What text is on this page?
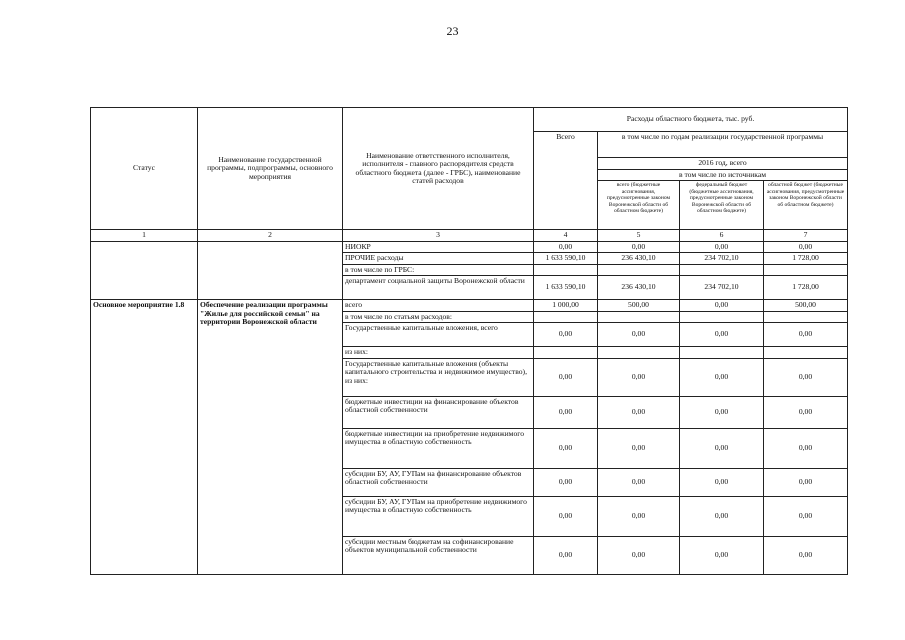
23
Статус	Наименование государственной программы, подпрограммы, основного мероприятия	Наименование ответственного исполнителя, исполнителя - главного распорядителя средств областного бюджета (далее - ГРБС), наименование статей расходов	Расходы областного бюджета, тыс. руб.			
			Всего	в том числе по годам реализации государственной программы		
				2016 год, всего		
				в том числе по источникам		
				всего (бюджетные ассигнования, предусмотренные законом Воронежской области об областном бюджете)	федеральный бюджет (бюджетные ассигнования, предусмотренные законом Воронежской области об областном бюджете)	областной бюджет (бюджетные ассигнования, предусмотренные законом Воронежской области об областном бюджете)
1	2	3	4	5	6	7
		НИОКР	0,00	0,00	0,00	0,00
		ПРОЧИЕ расходы	1 633 590,10	236 430,10	234 702,10	1 728,00
		в том числе по ГРБС:				
		департамент социальной защиты Воронежской области	1 633 590,10	236 430,10	234 702,10	1 728,00
Основное мероприятие 1.8	Обеспечение реализации программы "Жилье для российской семьи" на территории Воронежской области	всего	1 000,00	500,00	0,00	500,00
		в том числе по статьям расходов:				
		Государственные капитальные вложения, всего	0,00	0,00	0,00	0,00
		из них:				
		Государственные капитальные вложения (объекты капитального строительства и недвижимое имущество), из них:	0,00	0,00	0,00	0,00
		бюджетные инвестиции на финансирование объектов областной собственности	0,00	0,00	0,00	0,00
		бюджетные инвестиции на приобретение недвижимого имущества в областную собственность	0,00	0,00	0,00	0,00
		субсидии БУ, АУ, ГУПам на финансирование объектов областной собственности	0,00	0,00	0,00	0,00
		субсидии БУ, АУ, ГУПам на приобретение недвижимого имущества в областную собственность	0,00	0,00	0,00	0,00
		субсидии местным бюджетам на софинансирование объектов муниципальной собственности	0,00	0,00	0,00	0,00
